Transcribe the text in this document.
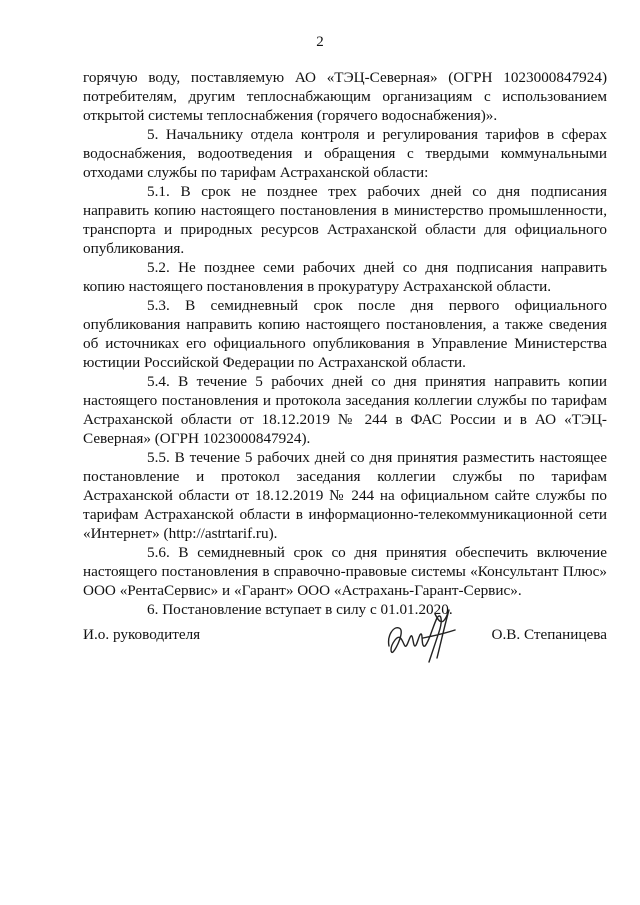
2

горячую воду, поставляемую АО «ТЭЦ-Северная» (ОГРН 1023000847924) потребителям, другим теплоснабжающим организациям с использованием открытой системы теплоснабжения (горячего водоснабжения)».

5. Начальнику отдела контроля и регулирования тарифов в сферах водоснабжения, водоотведения и обращения с твердыми коммунальными отходами службы по тарифам Астраханской области:

5.1. В срок не позднее трех рабочих дней со дня подписания направить копию настоящего постановления в министерство промышленности, транспорта и природных ресурсов Астраханской области для официального опубликования.

5.2. Не позднее семи рабочих дней со дня подписания направить копию настоящего постановления в прокуратуру Астраханской области.

5.3. В семидневный срок после дня первого официального опубликования направить копию настоящего постановления, а также сведения об источниках его официального опубликования в Управление Министерства юстиции Российской Федерации по Астраханской области.

5.4. В течение 5 рабочих дней со дня принятия направить копии настоящего постановления и протокола заседания коллегии службы по тарифам Астраханской области от 18.12.2019 № 244 в ФАС России и в АО «ТЭЦ-Северная» (ОГРН 1023000847924).

5.5. В течение 5 рабочих дней со дня принятия разместить настоящее постановление и протокол заседания коллегии службы по тарифам Астраханской области от 18.12.2019 № 244 на официальном сайте службы по тарифам Астраханской области в информационно-телекоммуникационной сети «Интернет» (http://astrtarif.ru).

5.6. В семидневный срок со дня принятия обеспечить включение настоящего постановления в справочно-правовые системы «Консультант Плюс» ООО «РентаСервис» и «Гарант» ООО «Астрахань-Гарант-Сервис».

6. Постановление вступает в силу с 01.01.2020.

И.о. руководителя	О.В. Степаницева
